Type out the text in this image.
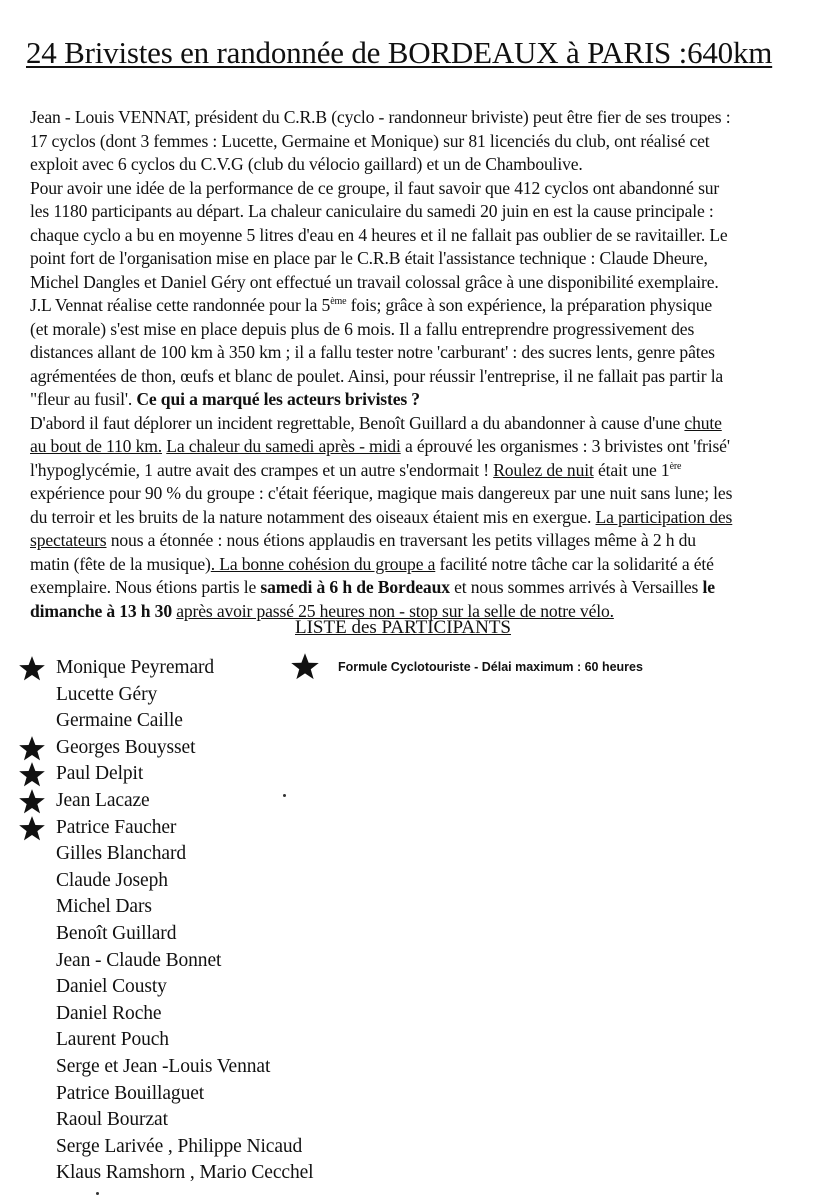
24 Brivistes en randonnée de BORDEAUX à PARIS :640km
Jean - Louis VENNAT, président du C.R.B (cyclo - randonneur briviste) peut être fier de ses troupes :
17 cyclos (dont 3 femmes : Lucette, Germaine et Monique) sur 81 licenciés du club, ont réalisé cet
exploit avec 6 cyclos du C.V.G (club du vélocio gaillard) et un de Chamboulive.
Pour avoir une idée de la performance de ce groupe, il faut savoir que 412 cyclos ont abandonné sur
les 1180 participants au départ. La chaleur caniculaire du samedi 20 juin en est la cause principale :
chaque cyclo a bu en moyenne 5 litres d'eau en 4 heures et il ne fallait pas oublier de se ravitailler. Le
point fort de l'organisation mise en place par le C.R.B était l'assistance technique : Claude Dheure,
Michel Dangles et Daniel Géry ont effectué un travail colossal grâce à une disponibilité exemplaire.
J.L Vennat réalise cette randonnée pour la 5ème fois; grâce à son expérience, la préparation physique
(et morale) s'est mise en place depuis plus de 6 mois. Il a fallu entreprendre progressivement des
distances allant de 100 km à 350 km ; il a fallu tester notre 'carburant' : des sucres lents, genre pâtes
agrémentées de thon, œufs et blanc de poulet. Ainsi, pour réussir l'entreprise, il ne fallait pas partir la
"fleur au fusil'. Ce qui a marqué les acteurs brivistes ?
D'abord il faut déplorer un incident regrettable, Benoît Guillard a du abandonner à cause d'une chute
au bout de 110 km. La chaleur du samedi après - midi a éprouvé les organismes : 3 brivistes ont 'frisé'
l'hypoglycémie, 1 autre avait des crampes et un autre s'endormait ! Roulez de nuit était une 1ère
expérience pour 90 % du groupe : c'était féerique, magique mais dangereux par une nuit sans lune; les
du terroir et les bruits de la nature notamment des oiseaux étaient mis en exergue. La participation des
spectateurs nous a étonnée : nous étions applaudis en traversant les petits villages même à 2 h du
matin (fête de la musique). La bonne cohésion du groupe a facilité notre tâche car la solidarité a été
exemplaire. Nous étions partis le samedi à 6 h de Bordeaux et nous sommes arrivés à Versailles le
dimanche à 13 h 30 après avoir passé 25 heures non - stop sur la selle de notre vélo.
LISTE des PARTICIPANTS
Formule Cyclotouriste - Délai maximum : 60 heures
Monique Peyremard
Lucette Géry
Germaine Caille
Georges Bouysset
Paul Delpit
Jean Lacaze
Patrice Faucher
Gilles Blanchard
Claude Joseph
Michel Dars
Benoît Guillard
Jean - Claude Bonnet
Daniel Cousty
Daniel Roche
Laurent Pouch
Serge et Jean -Louis Vennat
Patrice Bouillaguet
Raoul Bourzat
Serge Larivée , Philippe Nicaud
Klaus Ramshorn , Mario Cecchel
